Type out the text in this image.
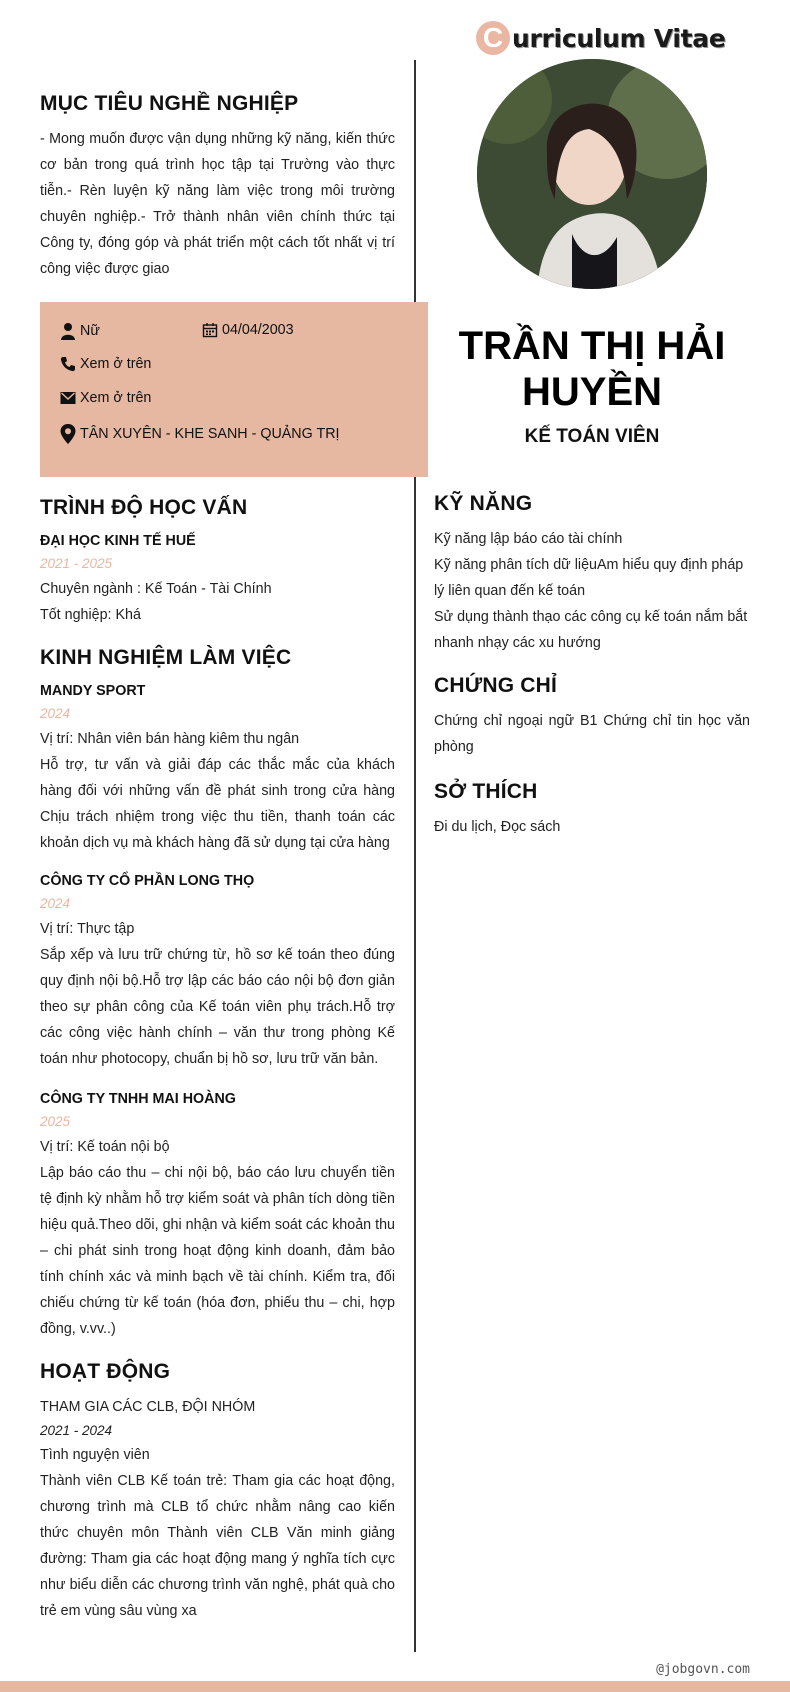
C urriculum Vitae
MỤC TIÊU NGHỀ NGHIỆP
- Mong muốn được vận dụng những kỹ năng, kiến thức cơ bản trong quá trình học tập tại Trường vào thực tiễn.- Rèn luyện kỹ năng làm việc trong môi trường chuyên nghiệp.- Trở thành nhân viên chính thức tại Công ty, đóng góp và phát triển một cách tốt nhất vị trí công việc được giao
Nữ	04/04/2003
Xem ở trên
Xem ở trên
TÂN XUYÊN - KHE SANH - QUẢNG TRỊ
TRẦN THỊ HẢI HUYỀN
KẾ TOÁN VIÊN
TRÌNH ĐỘ HỌC VẤN
ĐẠI HỌC KINH TẾ HUẾ
2021 - 2025
Chuyên ngành : Kế Toán - Tài Chính
Tốt nghiệp: Khá
KINH NGHIỆM LÀM VIỆC
MANDY SPORT
2024
Vị trí: Nhân viên bán hàng kiêm thu ngân
Hỗ trợ, tư vấn và giải đáp các thắc mắc của khách hàng đối với những vấn đề phát sinh trong cửa hàng Chịu trách nhiệm trong việc thu tiền, thanh toán các khoản dịch vụ mà khách hàng đã sử dụng tại cửa hàng
CÔNG TY CỔ PHẦN LONG THỌ
2024
Vị trí: Thực tập
Sắp xếp và lưu trữ chứng từ, hồ sơ kế toán theo đúng quy định nội bộ.Hỗ trợ lập các báo cáo nội bộ đơn giản theo sự phân công của Kế toán viên phụ trách.Hỗ trợ các công việc hành chính – văn thư trong phòng Kế toán như photocopy, chuẩn bị hồ sơ, lưu trữ văn bản.
CÔNG TY TNHH MAI HOÀNG
2025
Vị trí: Kế toán nội bộ
Lập báo cáo thu – chi nội bộ, báo cáo lưu chuyển tiền tệ định kỳ nhằm hỗ trợ kiểm soát và phân tích dòng tiền hiệu quả.Theo dõi, ghi nhận và kiểm soát các khoản thu – chi phát sinh trong hoạt động kinh doanh, đảm bảo tính chính xác và minh bạch về tài chính. Kiểm tra, đối chiếu chứng từ kế toán (hóa đơn, phiếu thu – chi, hợp đồng, v.vv..)
HOẠT ĐỘNG
THAM GIA CÁC CLB, ĐỘI NHÓM
2021 - 2024
Tình nguyện viên
Thành viên CLB Kế toán trẻ: Tham gia các hoạt động, chương trình mà CLB tổ chức nhằm nâng cao kiến thức chuyên môn Thành viên CLB Văn minh giảng đường: Tham gia các hoạt động mang ý nghĩa tích cực như biểu diễn các chương trình văn nghệ, phát quà cho trẻ em vùng sâu vùng xa
KỸ NĂNG
Kỹ năng lập báo cáo tài chính
Kỹ năng phân tích dữ liệuAm hiểu quy định pháp lý liên quan đến kế toán
Sử dụng thành thạo các công cụ kế toán nắm bắt nhanh nhạy các xu hướng
CHỨNG CHỈ
Chứng chỉ ngoại ngữ B1 Chứng chỉ tin học văn phòng
SỞ THÍCH
Đi du lịch, Đọc sách
@jobgovn.com
